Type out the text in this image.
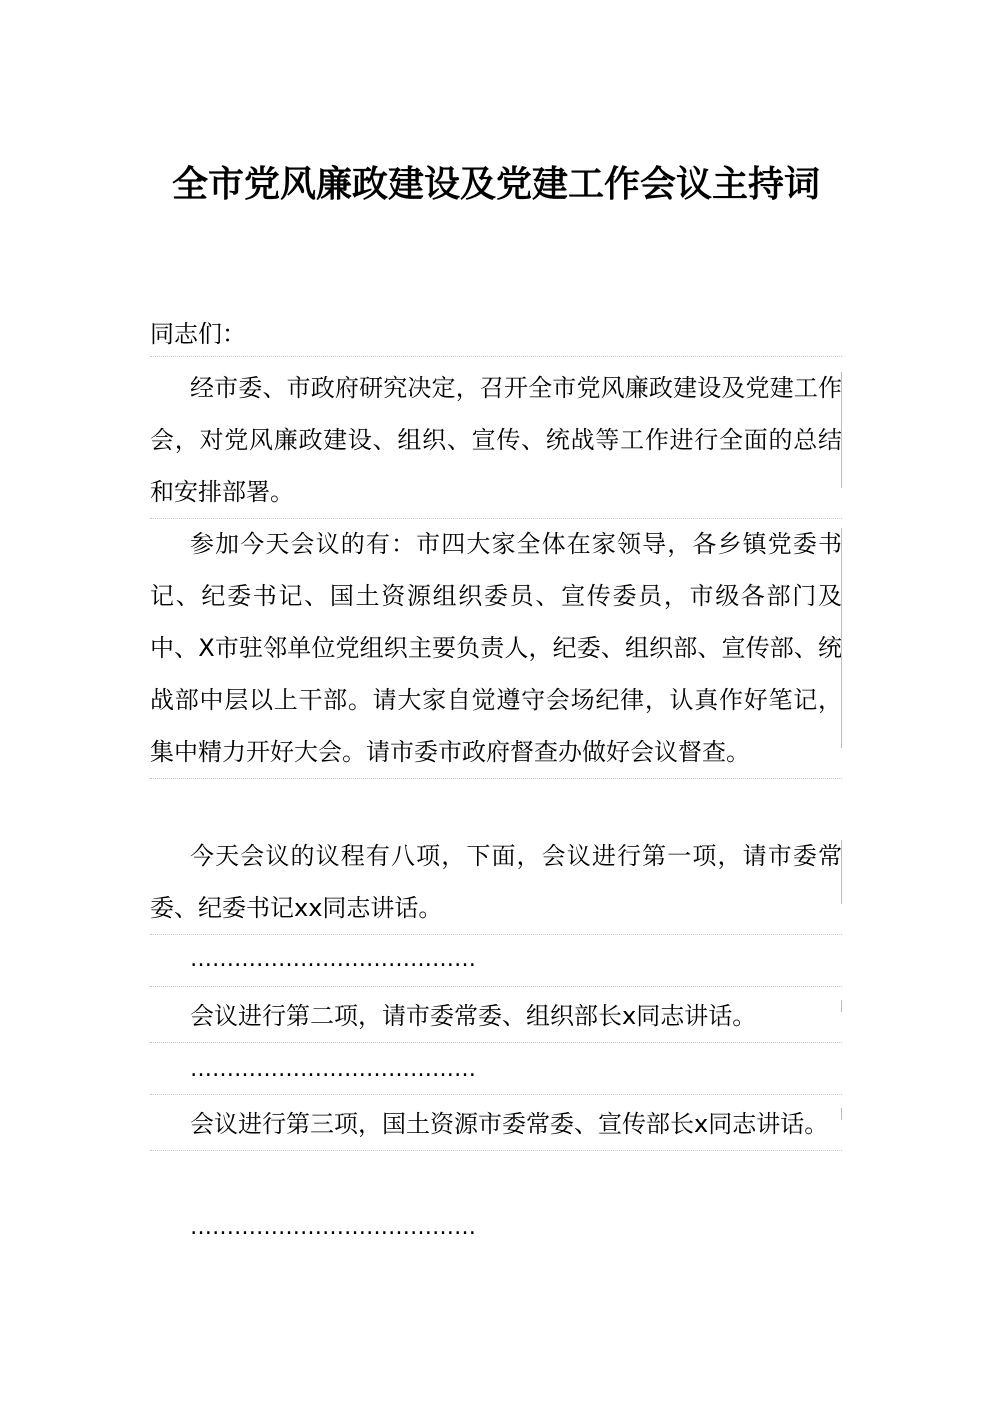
全市党风廉政建设及党建工作会议主持词
同志们：
经市委、市政府研究决定，召开全市党风廉政建设及党建工作会，对党风廉政建设、组织、宣传、统战等工作进行全面的总结和安排部署。
参加今天会议的有：市四大家全体在家领导，各乡镇党委书记、纪委书记、国土资源组织委员、宣传委员，市级各部门及中、X市驻邻单位党组织主要负责人，纪委、组织部、宣传部、统战部中层以上干部。请大家自觉遵守会场纪律，认真作好笔记，集中精力开好大会。请市委市政府督查办做好会议督查。
今天会议的议程有八项，下面，会议进行第一项，请市委常委、纪委书记xx同志讲话。
…………………………………
会议进行第二项，请市委常委、组织部长x同志讲话。
…………………………………
会议进行第三项，国土资源市委常委、宣传部长x同志讲话。
…………………………………
